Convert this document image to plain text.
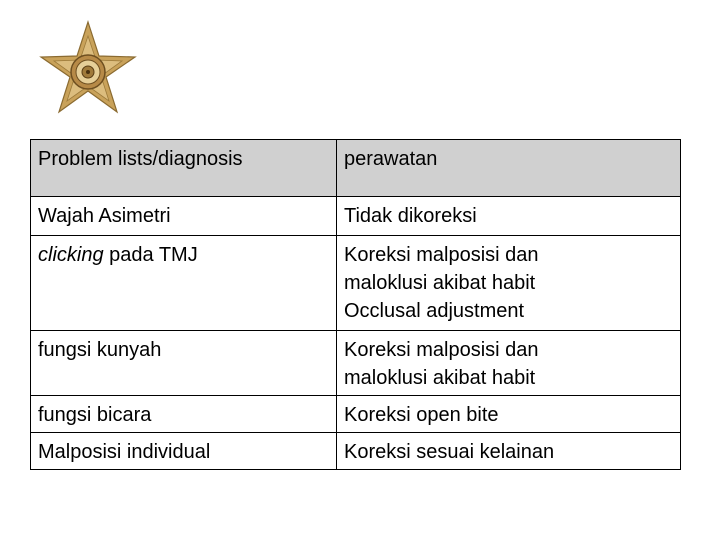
Problem lists/diagnosis	perawatan
Wajah Asimetri	Tidak dikoreksi

clicking pada TMJ	Koreksi malposisi dan
maloklusi akibat habit
Occlusal adjustment

fungsi kunyah	Koreksi malposisi dan
maloklusi akibat habit

fungsi bicara	Koreksi open bite

Malposisi individual	Koreksi sesuai kelainan
